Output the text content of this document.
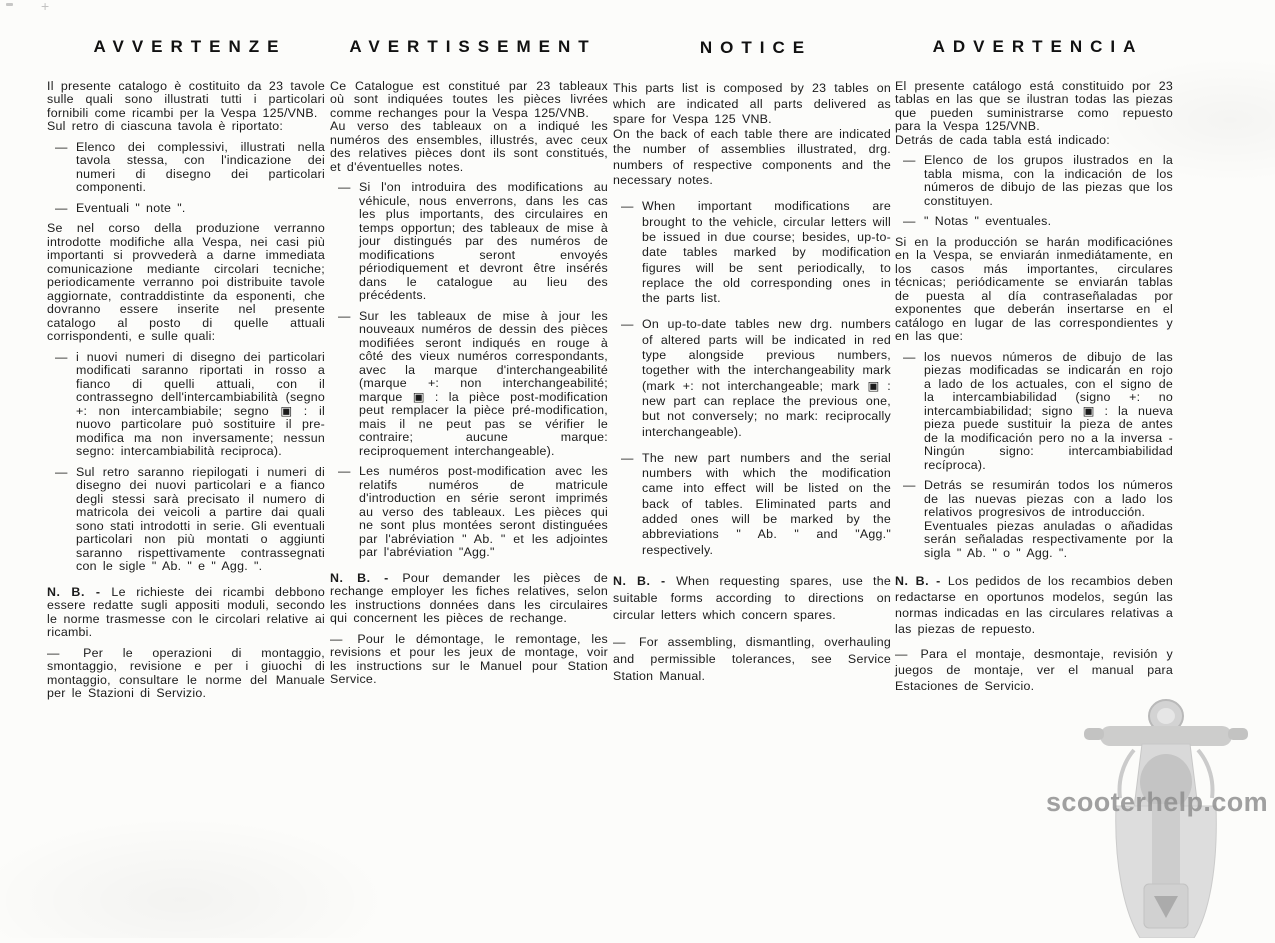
+
scooterhelp.com
AVVERTENZE

Il presente catalogo è costituito da 23 tavole sulle quali sono illustrati tutti i particolari fornibili come ricambi per la Vespa 125/VNB.

Sul retro di ciascuna tavola è riportato:

— Elenco dei complessivi, illustrati nella tavola stessa, con l'indicazione dei numeri di disegno dei particolari componenti.

— Eventuali " note ".

Se nel corso della produzione verranno introdotte modifiche alla Vespa, nei casi più importanti si provvederà a darne immediata comunicazione mediante circolari tecniche; periodicamente verranno poi distribuite tavole aggiornate, contraddistinte da esponenti, che dovranno essere inserite nel presente catalogo al posto di quelle attuali corrispondenti, e sulle quali:

— i nuovi numeri di disegno dei particolari modificati saranno riportati in rosso a fianco di quelli attuali, con il contrassegno dell'intercambiabilità (segno +: non intercambiabile; segno ▣ : il nuovo particolare può sostituire il pre-modifica ma non inversamente; nessun segno: intercambiabilità reciproca).

— Sul retro saranno riepilogati i numeri di disegno dei nuovi particolari e a fianco degli stessi sarà precisato il numero di matricola dei veicoli a partire dai quali sono stati introdotti in serie. Gli eventuali particolari non più montati o aggiunti saranno rispettivamente contrassegnati con le sigle " Ab. " e " Agg. ".

N. B. - Le richieste dei ricambi debbono essere redatte sugli appositi moduli, secondo le norme trasmesse con le circolari relative ai ricambi.

— Per le operazioni di montaggio, smontaggio, revisione e per i giuochi di montaggio, consultare le norme del Manuale per le Stazioni di Servizio.

AVERTISSEMENT

Ce Catalogue est constitué par 23 tableaux où sont indiquées toutes les pièces livrées comme rechanges pour la Vespa 125/VNB.

Au verso des tableaux on a indiqué les numéros des ensembles, illustrés, avec ceux des relatives pièces dont ils sont constitués, et d'éventuelles notes.

— Si l'on introduira des modifications au véhicule, nous enverrons, dans les cas les plus importants, des circulaires en temps opportun; des tableaux de mise à jour distingués par des numéros de modifications seront envoyés périodiquement et devront être insérés dans le catalogue au lieu des précédents.

— Sur les tableaux de mise à jour les nouveaux numéros de dessin des pièces modifiées seront indiqués en rouge à côté des vieux numéros correspondants, avec la marque d'interchangeabilité (marque +: non interchangeabilité; marque ▣ : la pièce post-modification peut remplacer la pièce pré-modification, mais il ne peut pas se vérifier le contraire; aucune marque: reciproquement interchangeable).

— Les numéros post-modification avec les relatifs numéros de matricule d'introduction en série seront imprimés au verso des tableaux. Les pièces qui ne sont plus montées seront distinguées par l'abréviation " Ab. " et les adjointes par l'abréviation "Agg."

N. B. - Pour demander les pièces de rechange employer les fiches relatives, selon les instructions données dans les circulaires qui concernent les pièces de rechange.

— Pour le démontage, le remontage, les revisions et pour les jeux de montage, voir les instructions sur le Manuel pour Station Service.

NOTICE

This parts list is composed by 23 tables on which are indicated all parts delivered as spare for Vespa 125 VNB.

On the back of each table there are indicated the number of assemblies illustrated, drg. numbers of respective components and the necessary notes.

— When important modifications are brought to the vehicle, circular letters will be issued in due course; besides, up-to-date tables marked by modification figures will be sent periodically, to replace the old corresponding ones in the parts list.

— On up-to-date tables new drg. numbers of altered parts will be indicated in red type alongside previous numbers, together with the interchangeability mark (mark +: not interchangeable; mark ▣ : new part can replace the previous one, but not conversely; no mark: reciprocally interchangeable).

— The new part numbers and the serial numbers with which the modification came into effect will be listed on the back of tables. Eliminated parts and added ones will be marked by the abbreviations " Ab. " and "Agg." respectively.

N. B. - When requesting spares, use the suitable forms according to directions on circular letters which concern spares.

— For assembling, dismantling, overhauling and permissible tolerances, see Service Station Manual.

ADVERTENCIA

El presente catálogo está constituido por 23 tablas en las que se ilustran todas las piezas que pueden suministrarse como repuesto para la Vespa 125/VNB.

Detrás de cada tabla está indicado:

— Elenco de los grupos ilustrados en la tabla misma, con la indicación de los números de dibujo de las piezas que los constituyen.

— " Notas " eventuales.

Si en la producción se harán modificaciónes en la Vespa, se enviarán inmediátamente, en los casos más importantes, circulares técnicas; periódicamente se enviarán tablas de puesta al día contraseñaladas por exponentes que deberán insertarse en el catálogo en lugar de las correspondientes y en las que:

— los nuevos números de dibujo de las piezas modificadas se indicarán en rojo a lado de los actuales, con el signo de la intercambiabilidad (signo +: no intercambiabilidad; signo ▣ : la nueva pieza puede sustituir la pieza de antes de la modificación pero no a la inversa - Ningún signo: intercambiabilidad recíproca).

— Detrás se resumirán todos los números de las nuevas piezas con a lado los relativos progresivos de introducción.

Eventuales piezas anuladas o añadidas serán señaladas respectivamente por la sigla " Ab. " o " Agg. ".

N. B. - Los pedidos de los recambios deben redactarse en oportunos modelos, según las normas indicadas en las circulares relativas a las piezas de repuesto.

— Para el montaje, desmontaje, revisión y juegos de montaje, ver el manual para Estaciones de Servicio.
